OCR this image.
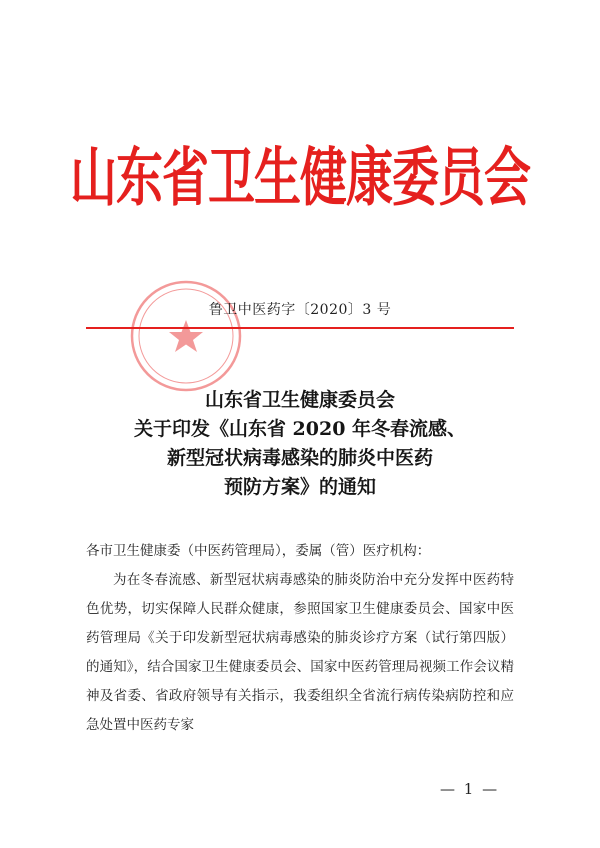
山东省卫生健康委员会
鲁卫中医药字〔2020〕3 号
山东省卫生健康委员会
关于印发《山东省 2020 年冬春流感、
新型冠状病毒感染的肺炎中医药
预防方案》的通知

各市卫生健康委（中医药管理局），委属（管）医疗机构：

为在冬春流感、新型冠状病毒感染的肺炎防治中充分发挥中医药特色优势，切实保障人民群众健康，参照国家卫生健康委员会、国家中医药管理局《关于印发新型冠状病毒感染的肺炎诊疗方案（试行第四版）的通知》，结合国家卫生健康委员会、国家中医药管理局视频工作会议精神及省委、省政府领导有关指示，我委组织全省流行病传染病防控和应急处置中医药专家

— 1 —
